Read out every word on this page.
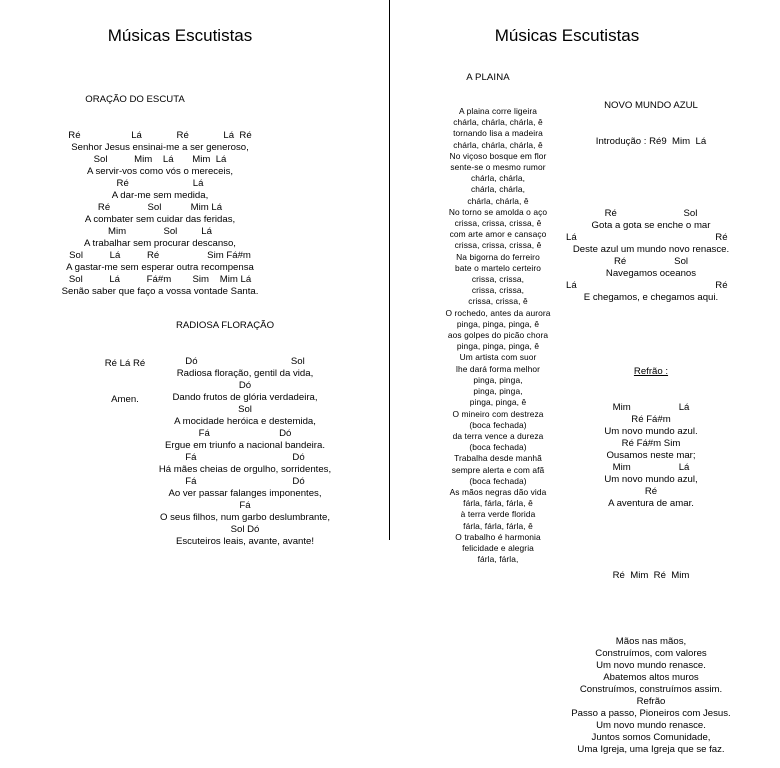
Músicas Escutistas

ORAÇÃO DO ESCUTA

Ré                   Lá             Ré             Lá  Ré
Senhor Jesus ensinai-me a ser generoso,
Sol          Mim    Lá       Mim  Lá
A servir-vos como vós o mereceis,
Ré                        Lá
A dar-me sem medida,
Ré              Sol           Mim Lá
A combater sem cuidar das feridas,
Mim              Sol         Lá
A trabalhar sem procurar descanso,
Sol          Lá          Ré                  Sim Fá#m
A gastar-me sem esperar outra recompensa
Sol          Lá          Fá#m        Sim    Mim Lá
Senão saber que faço a vossa vontade Santa.

Ré Lá Ré

Amen.

RADIOSA FLORAÇÃO

Dó                                   Sol
Radiosa floração, gentil da vida,
Dó
Dando frutos de glória verdadeira,
Sol
A mocidade heróica e destemida,
Fá                          Dó
Ergue em triunfo a nacional bandeira.
Fá                                    Dó
Há mães cheias de orgulho, sorridentes,
Fá                                    Dó
Ao ver passar falanges imponentes,
Fá
O seus filhos, num garbo deslumbrante,
Sol Dó
Escuteiros leais, avante, avante!

Músicas Escutistas

A PLAINA

A plaina corre ligeira
chárla, chárla, chárla, ê
tornando lisa a madeira
chárla, chárla, chárla, ê
No viçoso bosque em flor
sente-se o mesmo rumor
chárla, chárla,
chárla, chárla,
chárla, chárla, ê
No torno se amolda o aço
crissa, crissa, crissa, ê
com arte amor e cansaço
crissa, crissa, crissa, ê
Na bigorna do ferreiro
bate o martelo certeiro
crissa, crissa,
crissa, crissa,
crissa, crissa, ê
O rochedo, antes da aurora
pinga, pinga, pinga, ê
aos golpes do picão chora
pinga, pinga, pinga, ê
Um artista com suor
lhe dará forma melhor
pinga, pinga,
pinga, pinga,
pinga, pinga, ê
O mineiro com destreza
(boca fechada)
da terra vence a dureza
(boca fechada)
Trabalha desde manhã
sempre alerta e com afã
(boca fechada)
As mãos negras dão vida
fárla, fárla, fárla, ê
à terra verde florida
fárla, fárla, fárla, ê
O trabalho é harmonia
felicidade e alegria
fárla, fárla,

NOVO MUNDO AZUL

Introdução : Ré9  Mim  Lá

Ré                         Sol
Gota a gota se enche o mar
Lá                                                    Ré
Deste azul um mundo novo renasce.
Ré                  Sol
Navegamos oceanos
Lá                                                    Ré
E chegamos, e chegamos aqui.

Refrão :

Mim                  Lá
Ré Fá#m
Um novo mundo azul.
Ré Fá#m Sim
Ousamos neste mar;
Mim                  Lá
Um novo mundo azul,
Ré
A aventura de amar.

Ré  Mim  Ré  Mim

Mãos nas mãos,
Construímos, com valores
Um novo mundo renasce.
Abatemos altos muros
Construímos, construímos assim.
Refrão
Passo a passo, Pioneiros com Jesus.
Um novo mundo renasce.
Juntos somos Comunidade,
Uma Igreja, uma Igreja que se faz.
